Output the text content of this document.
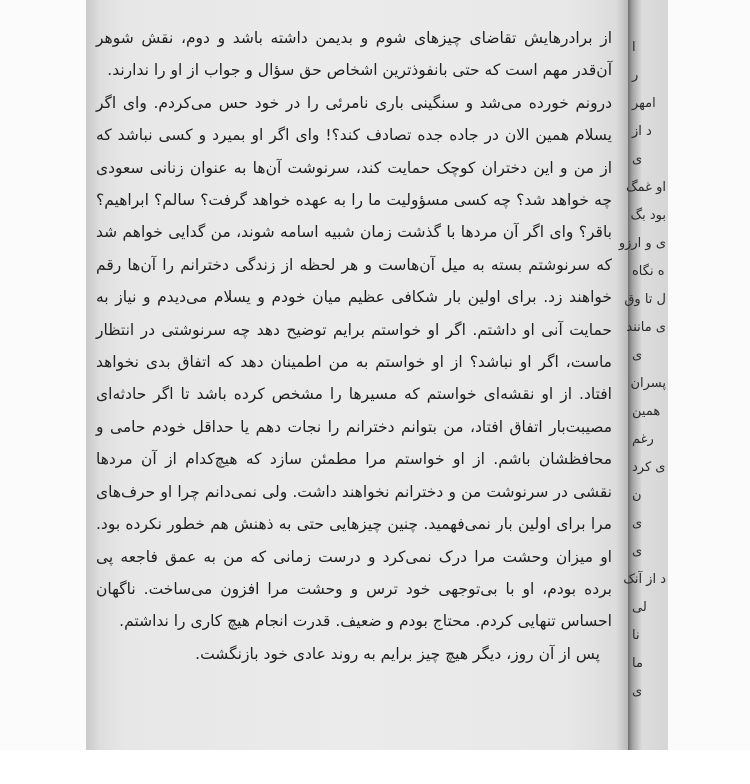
از برادرهایش تقاضای چیزهای شوم و بدیمن داشته باشد و دوم، نقش شوهر آن‌قدر مهم است که حتی بانفوذترین اشخاص حق سؤال و جواب از او را ندارند.

درونم خورده می‌شد و سنگینی باری نامرئی را در خود حس می‌کردم. وای اگر یسلام همین الان در جاده جده تصادف کند؟! وای اگر او بمیرد و کسی نباشد که از من و این دختران کوچک حمایت کند، سرنوشت آن‌ها به عنوان زنانی سعودی چه خواهد شد؟ چه کسی مسؤولیت ما را به عهده خواهد گرفت؟ سالم؟ ابراهیم؟ باقر؟ وای اگر آن مردها با گذشت زمان شبیه اسامه شوند، من گدایی خواهم شد که سرنوشتم بسته به میل آن‌هاست و هر لحظه از زندگی دخترانم را آن‌ها رقم خواهند زد. برای اولین بار شکافی عظیم میان خودم و یسلام می‌دیدم و نیاز به حمایت آنی او داشتم. اگر او خواستم برایم توضیح دهد چه سرنوشتی در انتظار ماست، اگر او نباشد؟ از او خواستم به من اطمینان دهد که اتفاق بدی نخواهد افتاد. از او نقشه‌ای خواستم که مسیرها را مشخص کرده باشد تا اگر حادثه‌ای مصیبت‌بار اتفاق افتاد، من بتوانم دخترانم را نجات دهم یا حداقل خودم حامی و محافظشان باشم. از او خواستم مرا مطمئن سازد که هیچ‌کدام از آن مردها نقشی در سرنوشت من و دخترانم نخواهند داشت. ولی نمی‌دانم چرا او حرف‌های مرا برای اولین بار نمی‌فهمید. چنین چیزهایی حتی به ذهنش هم خطور نکرده بود. او میزان وحشت مرا درک نمی‌کرد و درست زمانی که من به عمق فاجعه پی برده بودم، او با بی‌توجهی خود ترس و وحشت مرا افزون می‌ساخت. ناگهان احساس تنهایی کردم. محتاج بودم و ضعیف. قدرت انجام هیچ کاری را نداشتم.

پس از آن روز، دیگر هیچ چیز برایم به روند عادی خود بازنگشت.

ا
ر
امهر
د از
ی
او غمگ
بود بگ
ی و ارزو
ه نگاه
ل تا وق
ی مانند
ی
پسران
همین
رغم
ی کرد
ن
ی
ی
د از آنک
لی
نا
ما
ی
